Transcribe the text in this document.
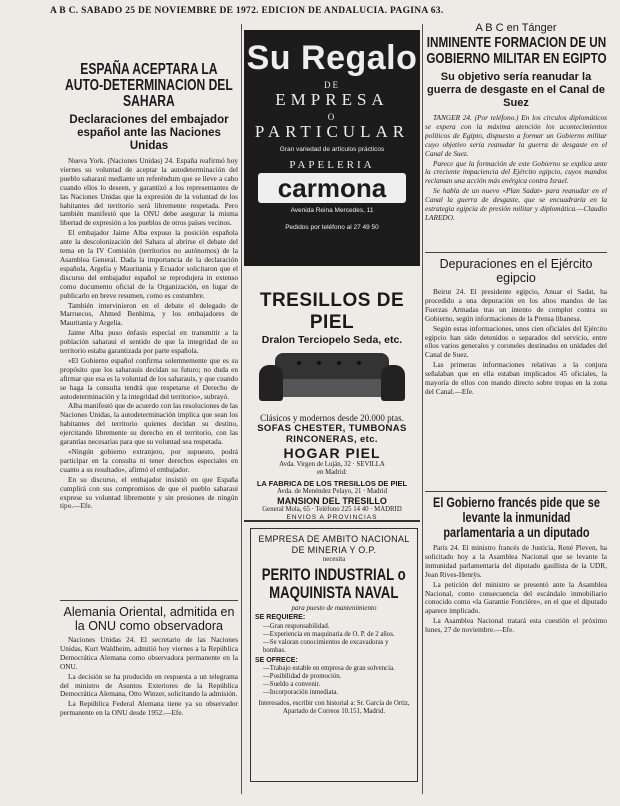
A B C. SABADO 25 DE NOVIEMBRE DE 1972. EDICION DE ANDALUCIA. PAGINA 63.
ESPAÑA ACEPTARA LA AUTO-DETERMINACION DEL SAHARA
Declaraciones del embajador español ante las Naciones Unidas

Nueva York. (Naciones Unidas) 24. España reafirmó hoy viernes su voluntad de aceptar la autodeterminación del pueblo saharaui mediante un referéndum que se lleve a cabo cuando ellos lo deseen, y garantizó a los representantes de las Naciones Unidas que la expresión de la voluntad de los habitantes del territorio será libremente respetada. Pero también manifestó que la ONU debe asegurar la misma libertad de expresión a los pueblos de otros países vecinos.

El embajador Jaime Alba expuso la posición española ante la descolonización del Sahara al abrirse el debate del tema en la IV Comisión (territorios no autónomos) de la Asamblea General. Dada la importancia de la declaración española, Argelia y Mauritania y Ecuador solicitaron que el discurso del embajador español se reprodujera in extenso como documento oficial de la Organización, en lugar de publicarlo en breve resumen, como es costumbre.

También intervinieron en el debate el delegado de Marruecos, Ahmed Benhima, y los embajadores de Mauritania y Argelia.

Jaime Alba puso énfasis especial en transmitir a la población saharaui el sentido de que la integridad de su territorio estaba garantizada por parte española.

«El Gobierno español confirma solemnemente que es su propósito que los saharauis decidan su futuro; no duda en afirmar que esa es la voluntad de los saharauis, y que cuando se haga la consulta tendrá que respetarse el Derecho de autodeterminación y la integridad del territorio», subrayó.

Alba manifestó que de acuerdo con las resoluciones de las Naciones Unidas, la autodeterminación implica que sean los habitantes del territorio quienes decidan su destino, ejercitando libremente su derecho en el territorio, con las garantías necesarias para que su voluntad sea respetada.

«Ningún gobierno extranjero, por supuesto, podrá participar en la consulta ni tener derechos especiales en cuanto a su resultado», afirmó el embajador.

En su discurso, el embajador insistió en que España cumplirá con sus compromisos de que el pueblo saharaui exprese su voluntad libremente y sin presiones de ningún tipo.—Efe.

Alemania Oriental, admitida en la ONU como observadora

Naciones Unidas 24. El secretario de las Naciones Unidas, Kurt Waldheim, admitió hoy viernes a la República Democrática Alemana como observadora permanente en la ONU.

La decisión se ha producido en respuesta a un telegrama del ministro de Asuntos Exteriores de la República Democrática Alemana, Otto Winzer, solicitando la admisión.

La República Federal Alemana tiene ya su observador permanente en la ONU desde 1952.—Efe.

Su Regalo
DE
EMPRESA
O
PARTICULAR
Gran variedad de artículos prácticos
PAPELERIA
carmona
Avenida Reina Mercedes, 11
Pedidos por teléfono al 27 49 50
TRESILLOS DE PIEL
Dralon Terciopelo Seda, etc.
Clásicos y modernos desde 20.000 ptas.
SOFAS CHESTER, TUMBONAS RINCONERAS, etc.
HOGAR PIEL
Avda. Virgen de Luján, 32 · SEVILLA
en Madrid:
LA FABRICA DE LOS TRESILLOS DE PIEL
Avda. de Menéndez Pelayo, 21 · Madrid
MANSION DEL TRESILLO
General Mola, 65 · Teléfono 225 14 40 · MADRID
ENVIOS A PROVINCIAS
EMPRESA DE AMBITO NACIONAL DE MINERIA Y O.P.
necesita
PERITO INDUSTRIAL o MAQUINISTA NAVAL
para puesto de mantenimiento
SE REQUIERE:
—Gran responsabilidad.
—Experiencia en maquinaria de O. P. de 2 años.
—Se valoran conocimientos de excavadoras y bombas.
SE OFRECE:
—Trabajo estable en empresa de gran solvencia.
—Posibilidad de promoción.
—Sueldo a convenir.
—Incorporación inmediata.
Interesados, escribir con historial a: Sr. García de Ortiz, Apartado de Correos 10.151, Madrid.
A B C en Tánger
INMINENTE FORMACION DE UN GOBIERNO MILITAR EN EGIPTO
Su objetivo sería reanudar la guerra de desgaste en el Canal de Suez

TANGER 24. (Por teléfono.) En los círculos diplomáticos se espera con la máxima atención los acontecimientos políticos de Egipto, dispuesto a formar un Gobierno militar cuyo objetivo sería reanudar la guerra de desgaste en el Canal de Suez.

Parece que la formación de este Gobierno se explica ante la creciente impaciencia del Ejército egipcio, cuyos mandos reclaman una acción más enérgica contra Israel.

Se habla de un nuevo «Plan Sadat» para reanudar en el Canal la guerra de desgaste, que se encuadraría en la estrategia egipcia de presión militar y diplomática.—Claudio LAREDO.

Depuraciones en el Ejército egipcio

Beirut 24. El presidente egipcio, Anuar el Sadat, ha procedido a una depuración en los altos mandos de las Fuerzas Armadas tras un intento de complot contra su Gobierno, según informaciones de la Prensa libanesa.

Según estas informaciones, unos cien oficiales del Ejército egipcio han sido detenidos o separados del servicio, entre ellos varios generales y coroneles destinados en unidades del Canal de Suez.

Las primeras informaciones relativas a la conjura señalaban que en ella estaban implicados 45 oficiales, la mayoría de ellos con mando directo sobre tropas en la zona del Canal.—Efe.

El Gobierno francés pide que se levante la inmunidad parlamentaria a un diputado

París 24. El ministro francés de Justicia, René Pleven, ha solicitado hoy a la Asamblea Nacional que se levante la inmunidad parlamentaria del diputado gaullista de la UDR, Jean Rives-Henrÿs.

La petición del ministro se presentó ante la Asamblea Nacional, como consecuencia del escándalo inmobiliario conocido como «la Garantie Foncière», en el que el diputado aparece implicado.

La Asamblea Nacional tratará esta cuestión el próximo lunes, 27 de noviembre.—Efe.
